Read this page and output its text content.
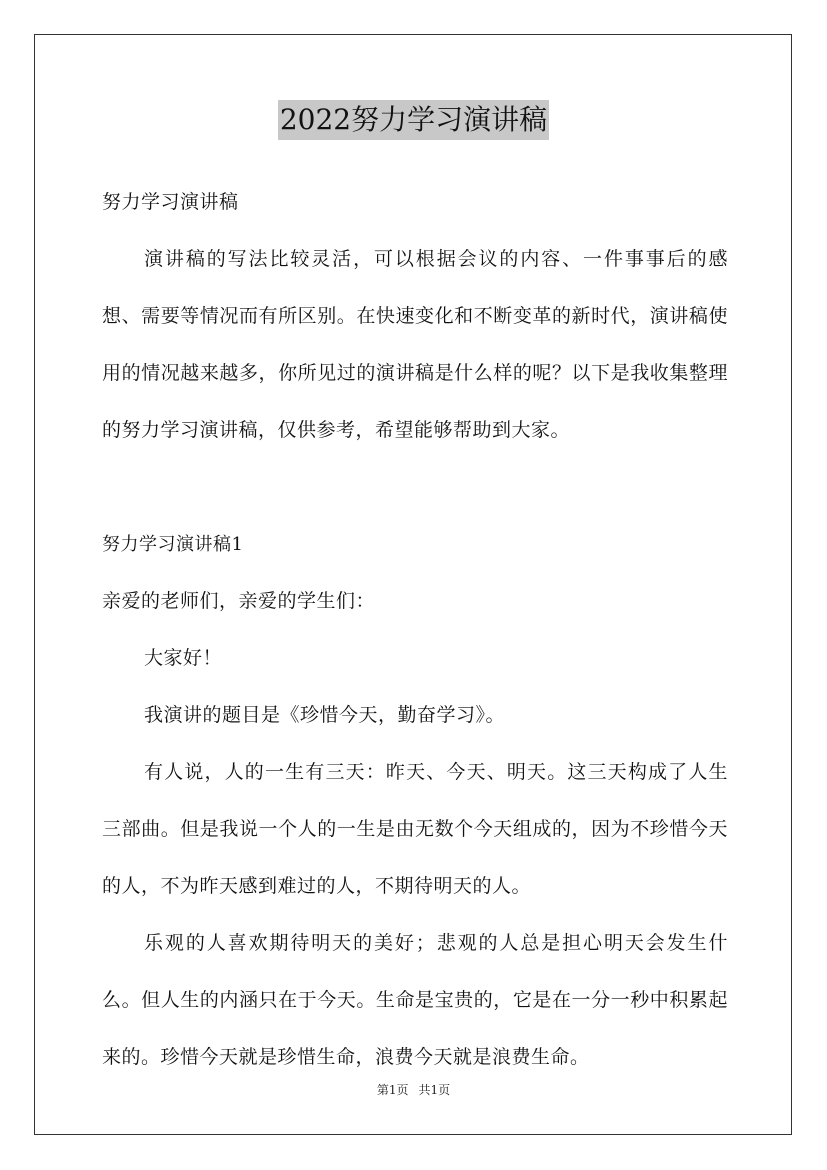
2022努力学习演讲稿

努力学习演讲稿

演讲稿的写法比较灵活，可以根据会议的内容、一件事事后的感想、需要等情况而有所区别。在快速变化和不断变革的新时代，演讲稿使用的情况越来越多，你所见过的演讲稿是什么样的呢？以下是我收集整理的努力学习演讲稿，仅供参考，希望能够帮助到大家。

努力学习演讲稿1

亲爱的老师们，亲爱的学生们：

大家好！

我演讲的题目是《珍惜今天，勤奋学习》。

有人说，人的一生有三天：昨天、今天、明天。这三天构成了人生三部曲。但是我说一个人的一生是由无数个今天组成的，因为不珍惜今天的人，不为昨天感到难过的人，不期待明天的人。

乐观的人喜欢期待明天的美好；悲观的人总是担心明天会发生什么。但人生的内涵只在于今天。生命是宝贵的，它是在一分一秒中积累起来的。珍惜今天就是珍惜生命，浪费今天就是浪费生命。

第1页 共1页
